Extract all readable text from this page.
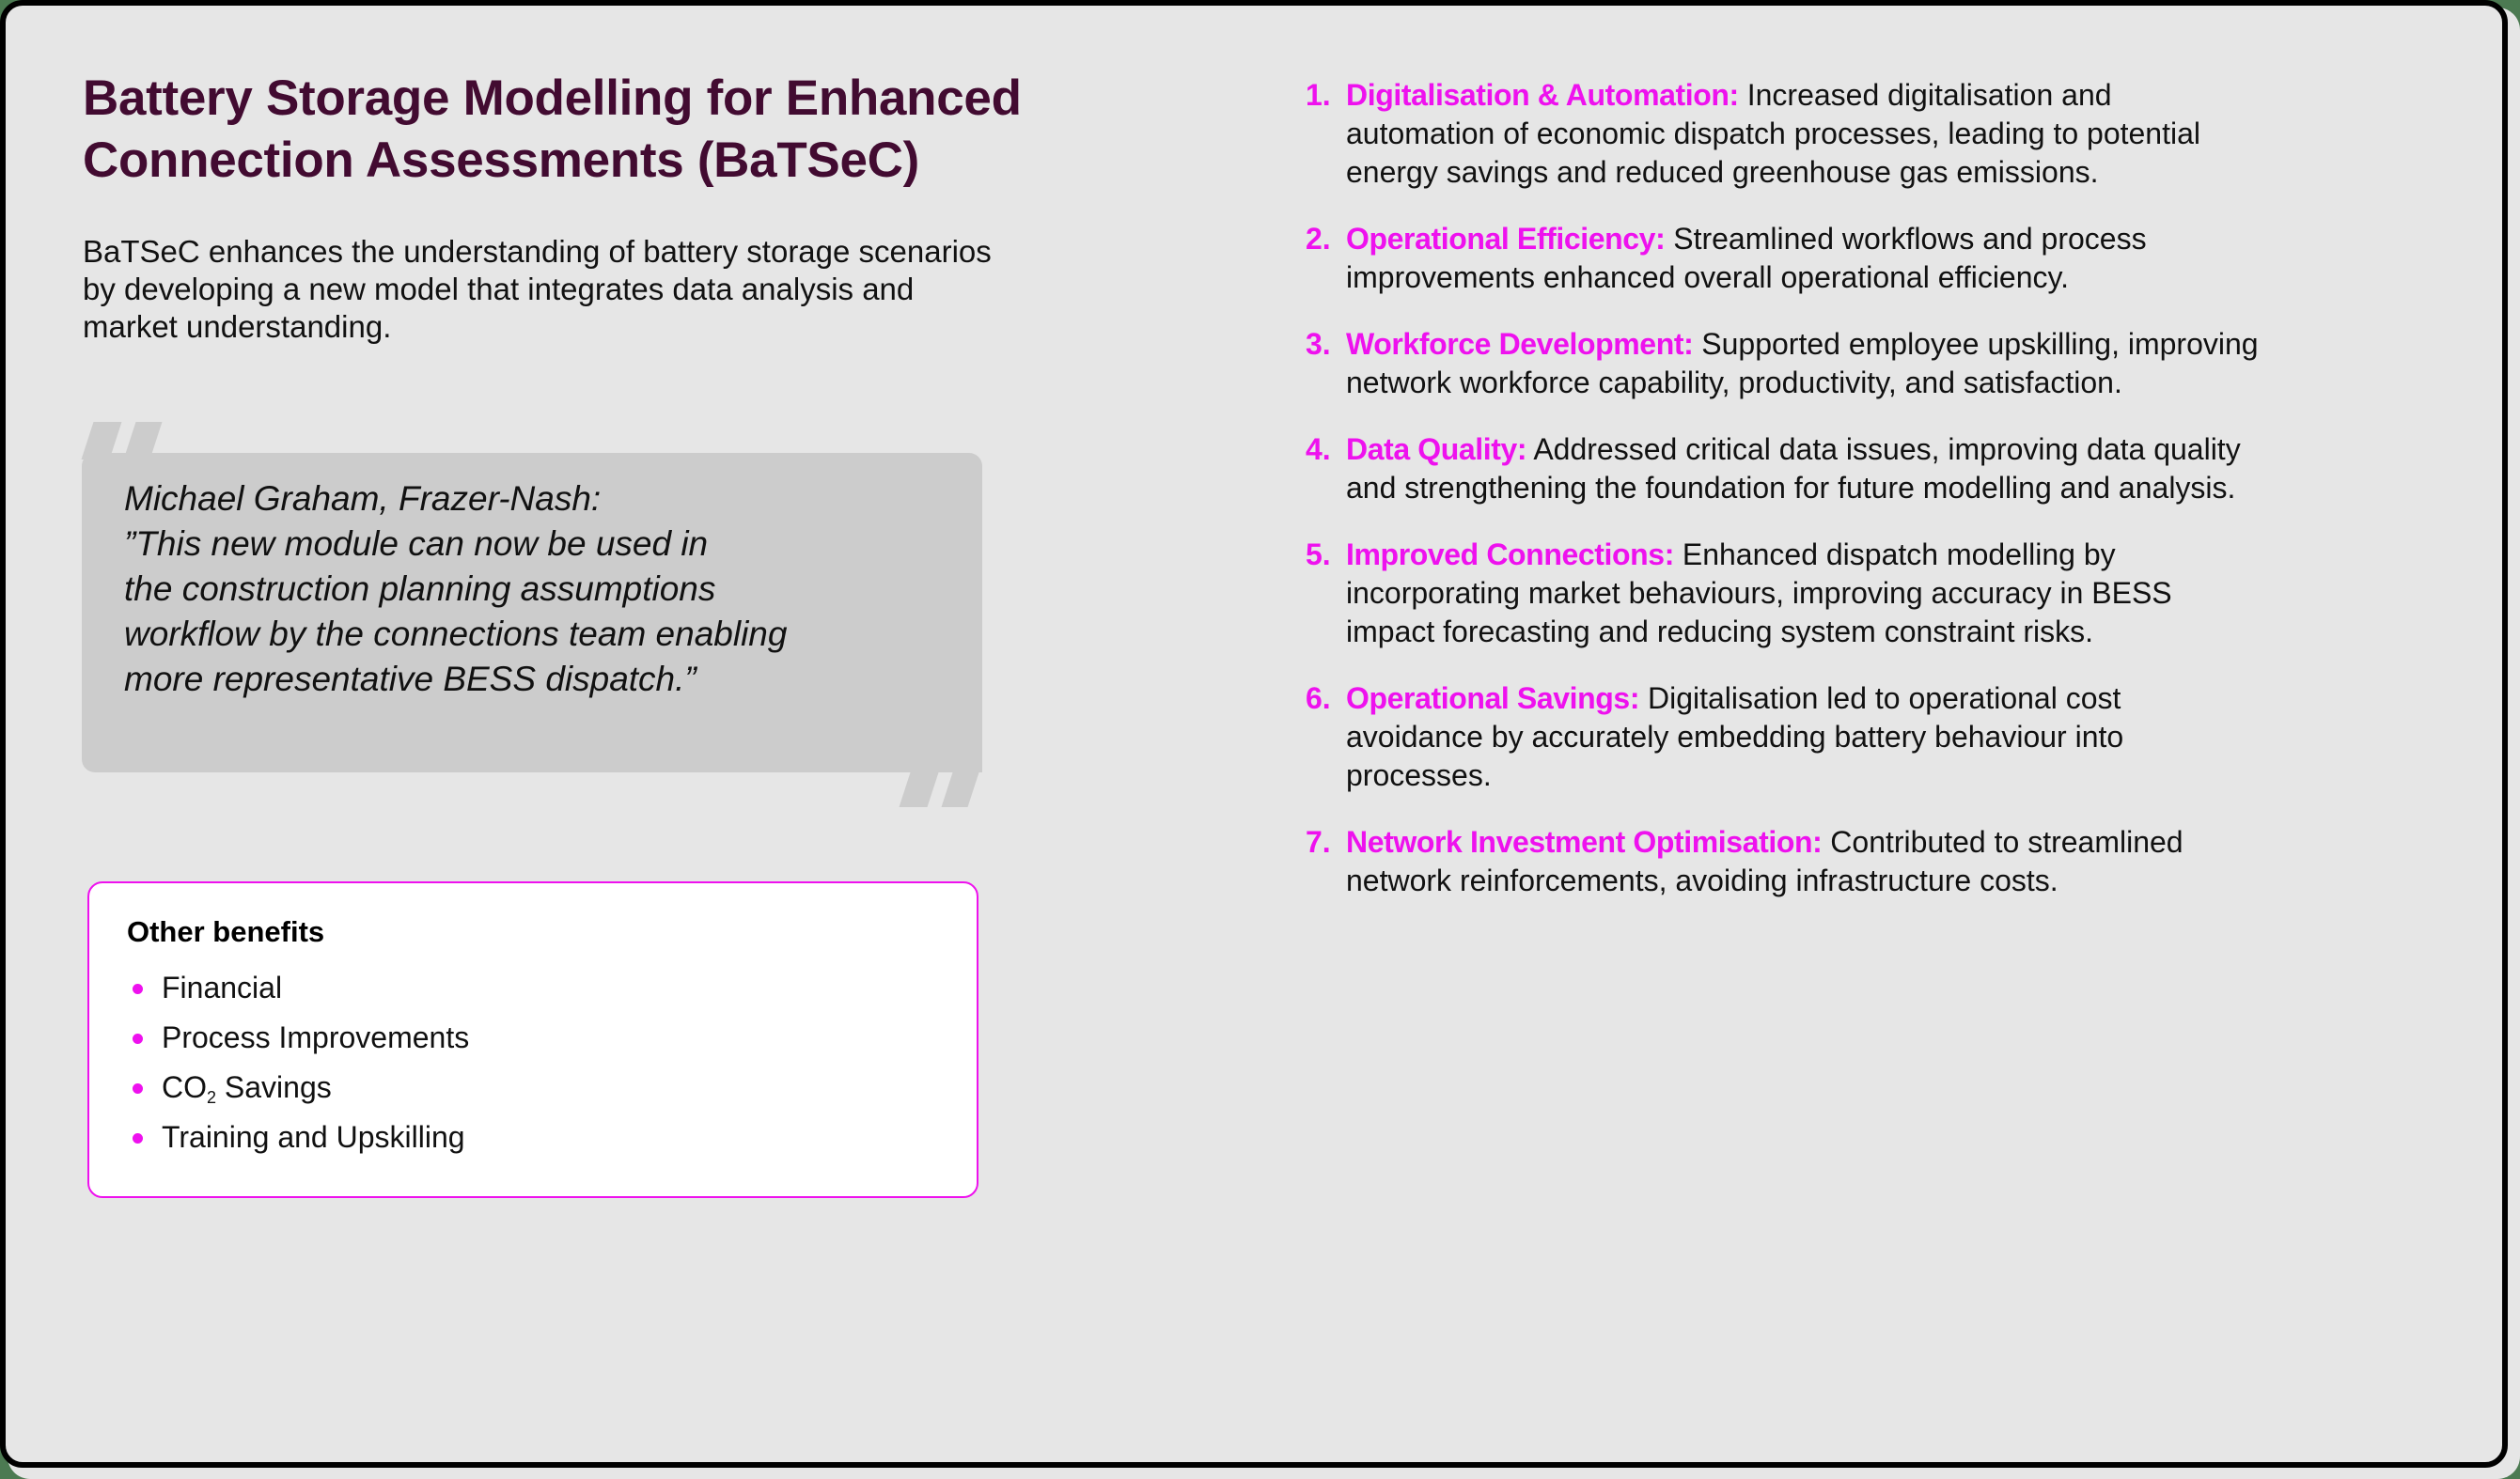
Battery Storage Modelling for Enhanced
Connection Assessments (BaTSeC)
BaTSeC enhances the understanding of battery storage scenarios
by developing a new model that integrates data analysis and
market understanding.
Michael Graham, Frazer-Nash:
”This new module can now be used in
the construction planning assumptions
workflow by the connections team enabling
more representative BESS dispatch.”
Other benefits
Financial
Process Improvements
$CO_2$ Savings
Training and Upskilling
1. Digitalisation & Automation: Increased digitalisation and
automation of economic dispatch processes, leading to potential
energy savings and reduced greenhouse gas emissions.
2. Operational Efficiency: Streamlined workflows and process
improvements enhanced overall operational efficiency.
3. Workforce Development: Supported employee upskilling, improving
network workforce capability, productivity, and satisfaction.
4. Data Quality: Addressed critical data issues, improving data quality
and strengthening the foundation for future modelling and analysis.
5. Improved Connections: Enhanced dispatch modelling by
incorporating market behaviours, improving accuracy in BESS
impact forecasting and reducing system constraint risks.
6. Operational Savings: Digitalisation led to operational cost
avoidance by accurately embedding battery behaviour into
processes.
7. Network Investment Optimisation: Contributed to streamlined
network reinforcements, avoiding infrastructure costs.
